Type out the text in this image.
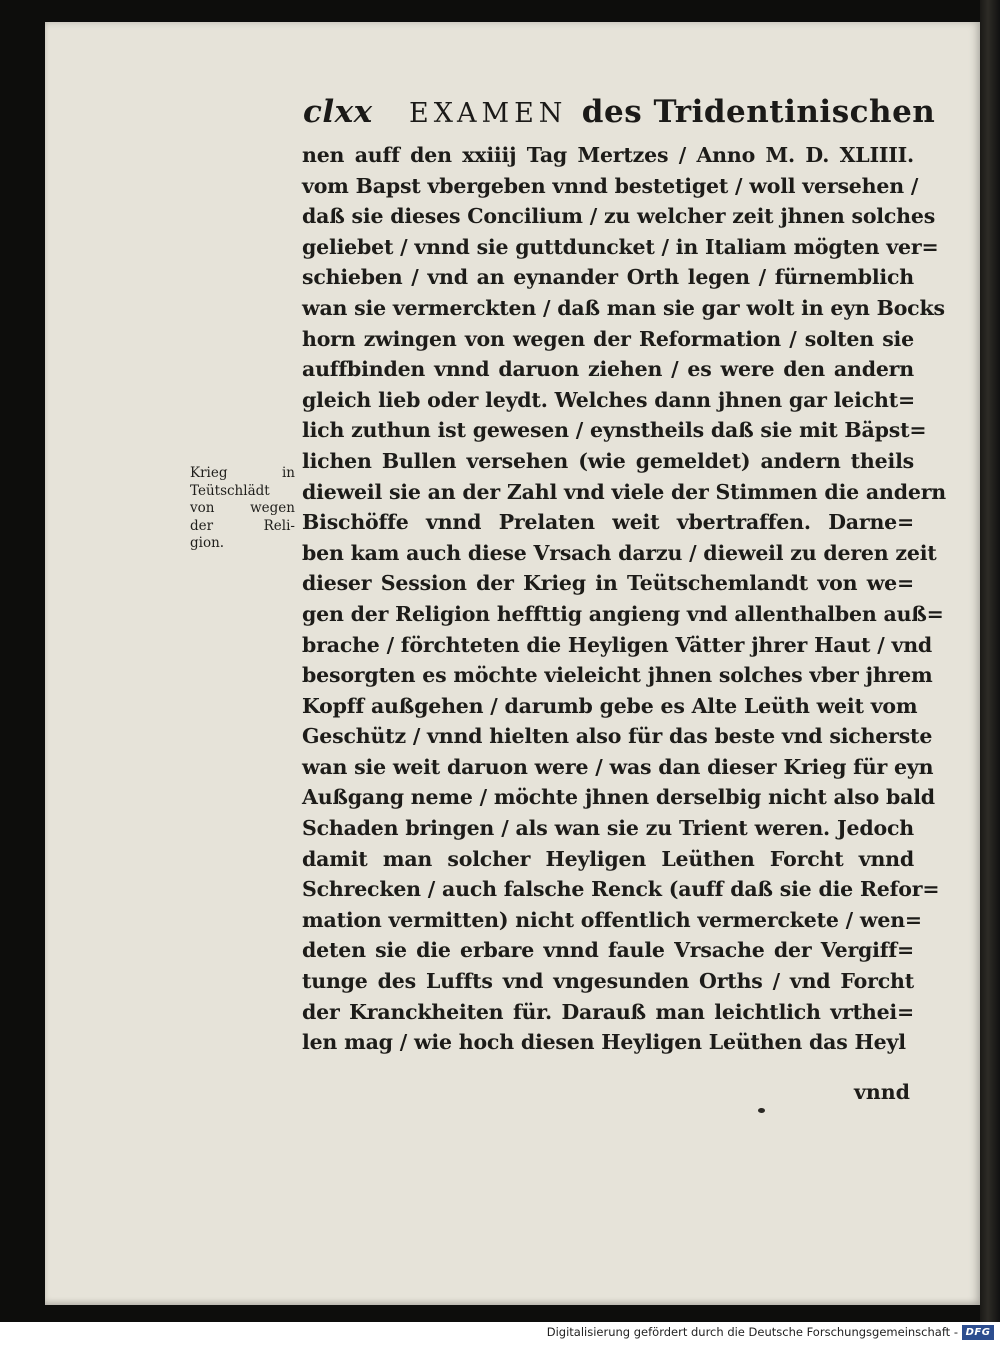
clxx EXAMEN des Tridentinischen
nen auff den xxiiij Tag Mertzes / Anno M. D. XLIIII.
vom Bapst vbergeben vnnd bestetiget / woll versehen /
daß sie dieses Concilium / zu welcher zeit jhnen solches
geliebet / vnnd sie guttduncket / in Italiam mögten ver=
schieben / vnd an eynander Orth legen / fürnemblich
wan sie vermerckten / daß man sie gar wolt in eyn Bocks
horn zwingen von wegen der Reformation / solten sie
auffbinden vnnd daruon ziehen / es were den andern
gleich lieb oder leydt. Welches dann jhnen gar leicht=
lich zuthun ist gewesen / eynstheils daß sie mit Bäpst=
lichen Bullen versehen (wie gemeldet) andern theils
dieweil sie an der Zahl vnd viele der Stimmen die andern
Bischöffe vnnd Prelaten weit vbertraffen. Darne=
ben kam auch diese Vrsach darzu / dieweil zu deren zeit
dieser Session der Krieg in Teütschemlandt von we=
gen der Religion heffttig angieng vnd allenthalben auß=
brache / förchteten die Heyligen Vätter jhrer Haut / vnd
besorgten es möchte vieleicht jhnen solches vber jhrem
Kopff außgehen / darumb gebe es Alte Leüth weit vom
Geschütz / vnnd hielten also für das beste vnd sicherste
wan sie weit daruon were / was dan dieser Krieg für eyn
Außgang neme / möchte jhnen derselbig nicht also bald
Schaden bringen / als wan sie zu Trient weren. Jedoch
damit man solcher Heyligen Leüthen Forcht vnnd
Schrecken / auch falsche Renck (auff daß sie die Refor=
mation vermitten) nicht offentlich vermerckete / wen=
deten sie die erbare vnnd faule Vrsache der Vergiff=
tunge des Luffts vnd vngesunden Orths / vnd Forcht
der Kranckheiten für. Darauß man leichtlich vrthei=
len mag / wie hoch diesen Heyligen Leüthen das Heyl
vnnd
Krieg in
Teütschlädt
von wegen
der Reli-
gion.
Digitalisierung gefördert durch die Deutsche Forschungsgemeinschaft - DFG
